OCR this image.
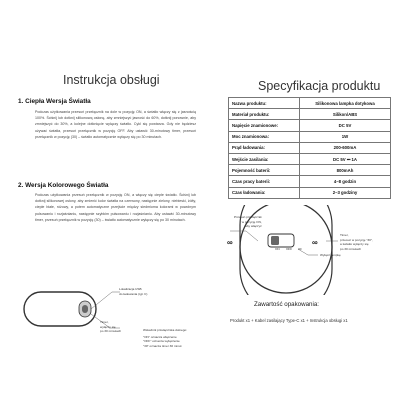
Instrukcja obsługi
1. Ciepła Wersja Światła

Podczas użytkowania przesuń przełącznik na dole w pozycję ON, a światło włączy się z jasnością 100%. Ściśnij lub dotknij silikonową osłonę, aby zmniejszyć jasność do 60%, dotknij ponownie, aby zmniejszyć do 30%, a kolejne dotknięcie wyłączy światło. Cykl się powtarza. Gdy nie będziesz używać światła, przesuń przełącznik w pozycję OFF. Aby ustawić 30-minutowy timer, przesuń przełącznik w pozycję (30) – światło automatycznie wyłączy się po 30 minutach.

2. Wersja Kolorowego Światła

Podczas użytkowania przesuń przełącznik w pozycję ON, a włączy się ciepłe światło. Ściśnij lub dotknij silikonowej osłony, aby zmienić kolor światła na czerwony, następnie zielony, niebieski, żółty, ciepłe białe, różowy, a potem automatyczne przejście między siedmioma kolorami w powolnym pulsowaniu i rozjaśnianiu, następnie szybkim pulsowaniu i rozjaśnianiu. Aby ustawić 30-minutowy timer, przesuń przełącznik w pozycję (30) – światło automatycznie wyłączy się po 30 minutach.

Lokalizacja USB
do ładowania (typ C)
Timer,
wyłączy się
po 30 minutach	Wskaźnik przełącznika dolnego:
"ON" oznacza włączenie
"OFF" oznacza wyłączenie
"30" oznacza timer 30 minut
Specyfikacja produktu
Nazwa produktu:	Silikonowa lampka dotykowa
Materiał produktu:	Silikon/ABS
Napięcie znamionowe:	DC 5V
Moc znamionowa:	1W
Prąd ładowania:	200-600mA
Wejście zasilania:	DC 5V ⎓ 1A
Pojemność baterii:	800mAh
Czas pracy baterii:	4–8 godzin
Czas ładowania:	2–3 godziny
∞	∞
ON OFF 30
Przesuń przełącznik
w pozycję ON,
aby włączyć
Timer,
przesuń w pozycję "30",
a światło wyłączy się
po 30 minutach
Wyłącz lampkę
Zawartość opakowania:
Produkt x1 + Kabel zasilający Type-C x1 + Instrukcja obsługi x1
